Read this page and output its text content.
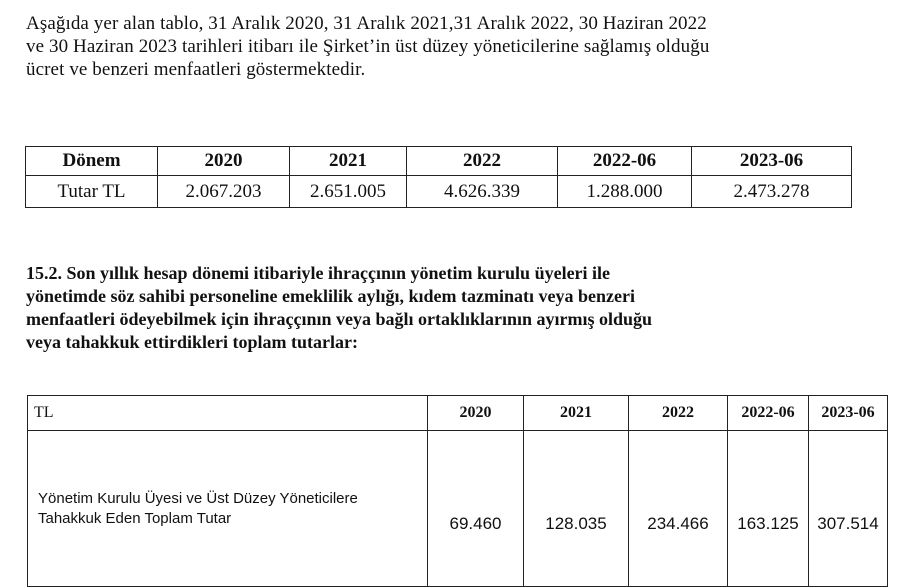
Aşağıda yer alan tablo, 31 Aralık 2020, 31 Aralık 2021,31 Aralık 2022, 30 Haziran 2022
ve 30 Haziran 2023 tarihleri itibarı ile Şirket’in üst düzey yöneticilerine sağlamış olduğu
ücret ve benzeri menfaatleri göstermektedir.
Dönem	2020	2021	2022	2022-06	2023-06
Tutar TL	2.067.203	2.651.005	4.626.339	1.288.000	2.473.278
15.2. Son yıllık hesap dönemi itibariyle ihraççının yönetim kurulu üyeleri ile
yönetimde söz sahibi personeline emeklilik aylığı, kıdem tazminatı veya benzeri
menfaatleri ödeyebilmek için ihraççının veya bağlı ortaklıklarının ayırmış olduğu
veya tahakkuk ettirdikleri toplam tutarlar:
TL	2020	2021	2022	2022-06	2023-06

Yönetim Kurulu Üyesi ve Üst Düzey Yöneticilere
Tahakkuk Eden Toplam Tutar	69.460	128.035	234.466	163.125	307.514
